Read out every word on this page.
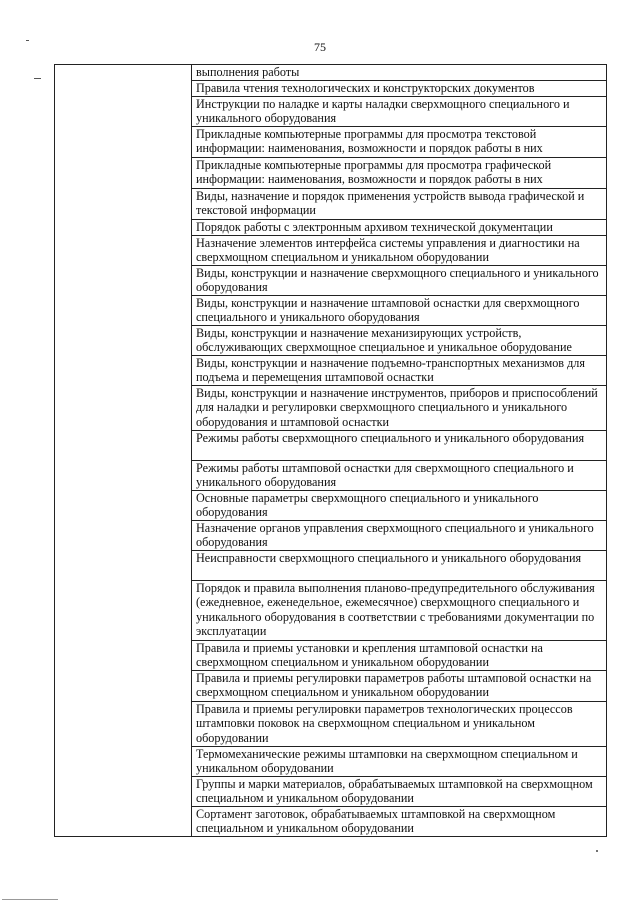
75
	выполнения работы
	Правила чтения технологических и конструкторских документов
	Инструкции по наладке и карты наладки сверхмощного специального и уникального оборудования
	Прикладные компьютерные программы для просмотра текстовой информации: наименования, возможности и порядок работы в них
	Прикладные компьютерные программы для просмотра графической информации: наименования, возможности и порядок работы в них
	Виды, назначение и порядок применения устройств вывода графической и текстовой информации
	Порядок работы с электронным архивом технической документации
	Назначение элементов интерфейса системы управления и диагностики на сверхмощном специальном и уникальном оборудовании
	Виды, конструкции и назначение сверхмощного специального и уникального оборудования
	Виды, конструкции и назначение штамповой оснастки для сверхмощного специального и уникального оборудования
	Виды, конструкции и назначение механизирующих устройств, обслуживающих сверхмощное специальное и уникальное оборудование
	Виды, конструкции и назначение подъемно-транспортных механизмов для подъема и перемещения штамповой оснастки
	Виды, конструкции и назначение инструментов, приборов и приспособлений для наладки и регулировки сверхмощного специального и уникального оборудования и штамповой оснастки
	Режимы работы сверхмощного специального и уникального оборудования
	Режимы работы штамповой оснастки для сверхмощного специального и уникального оборудования
	Основные параметры сверхмощного специального и уникального оборудования
	Назначение органов управления сверхмощного специального и уникального оборудования
	Неисправности сверхмощного специального и уникального оборудования
	Порядок и правила выполнения планово-предупредительного обслуживания (ежедневное, еженедельное, ежемесячное) сверхмощного специального и уникального оборудования в соответствии с требованиями документации по эксплуатации
	Правила и приемы установки и крепления штамповой оснастки на сверхмощном специальном и уникальном оборудовании
	Правила и приемы регулировки параметров работы штамповой оснастки на сверхмощном специальном и уникальном оборудовании
	Правила и приемы регулировки параметров технологических процессов штамповки поковок на сверхмощном специальном и уникальном оборудовании
	Термомеханические режимы штамповки на сверхмощном специальном и уникальном оборудовании
	Группы и марки материалов, обрабатываемых штамповкой на сверхмощном специальном и уникальном оборудовании
	Сортамент заготовок, обрабатываемых штамповкой на сверхмощном специальном и уникальном оборудовании
